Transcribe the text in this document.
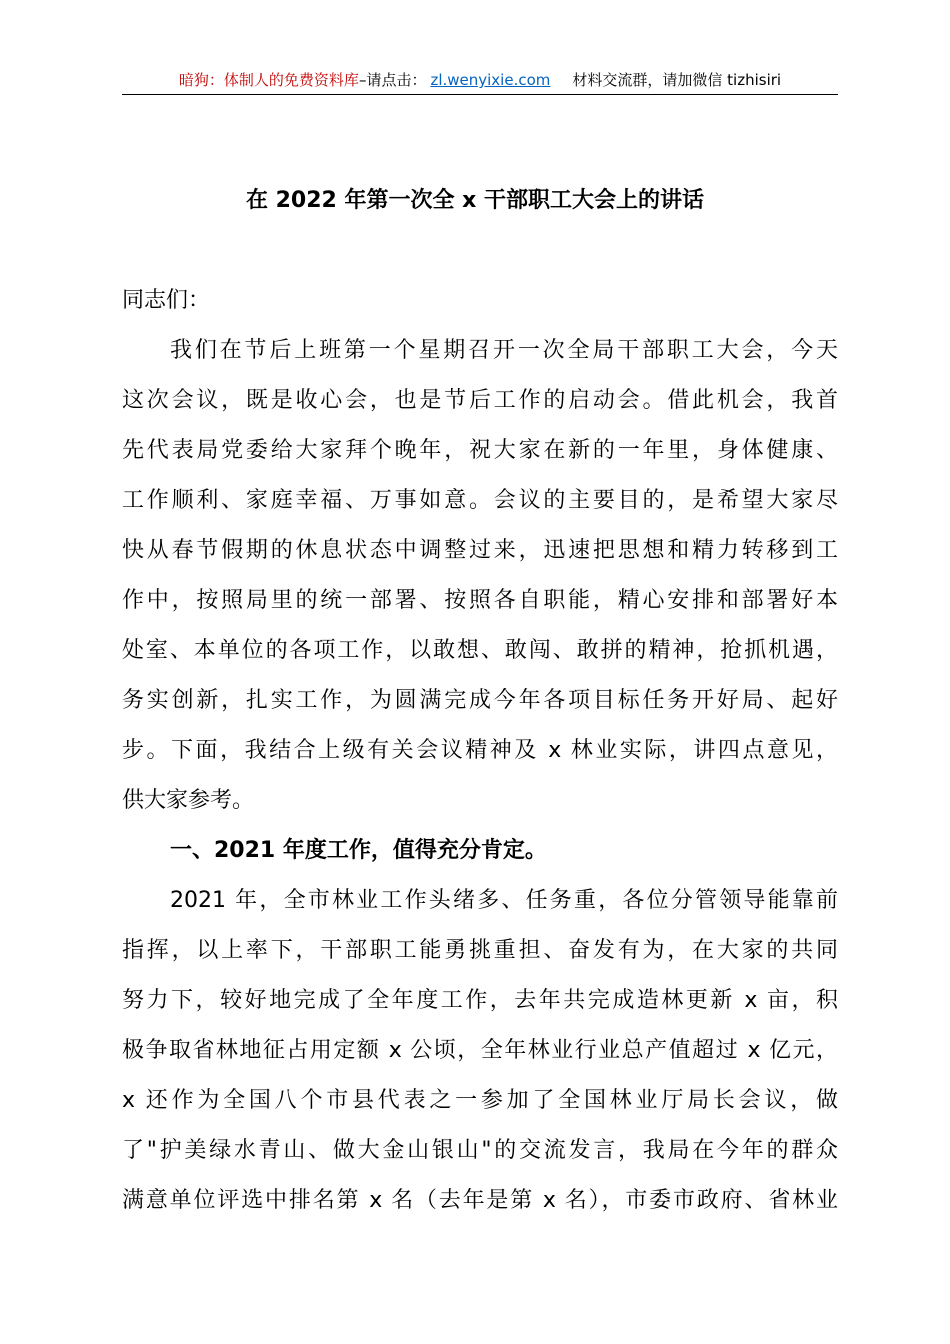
暗狗：体制人的免费资料库–请点击： zl.wenyixie.com 材料交流群，请加微信 tizhisiri
在 2022 年第一次全 x 干部职工大会上的讲话
同志们：
我们在节后上班第一个星期召开一次全局干部职工大会，今天
这次会议，既是收心会，也是节后工作的启动会。借此机会，我首
先代表局党委给大家拜个晚年，祝大家在新的一年里，身体健康、
工作顺利、家庭幸福、万事如意。会议的主要目的，是希望大家尽
快从春节假期的休息状态中调整过来，迅速把思想和精力转移到工
作中，按照局里的统一部署、按照各自职能，精心安排和部署好本
处室、本单位的各项工作，以敢想、敢闯、敢拼的精神，抢抓机遇，
务实创新，扎实工作，为圆满完成今年各项目标任务开好局、起好
步。下面，我结合上级有关会议精神及 x 林业实际，讲四点意见，
供大家参考。
一、2021 年度工作，值得充分肯定。
2021 年，全市林业工作头绪多、任务重，各位分管领导能靠前
指挥，以上率下，干部职工能勇挑重担、奋发有为，在大家的共同
努力下，较好地完成了全年度工作，去年共完成造林更新 x 亩，积
极争取省林地征占用定额 x 公顷，全年林业行业总产值超过 x 亿元，
x 还作为全国八个市县代表之一参加了全国林业厅局长会议，做
了"护美绿水青山、做大金山银山"的交流发言，我局在今年的群众
满意单位评选中排名第 x 名（去年是第 x 名），市委市政府、省林业
